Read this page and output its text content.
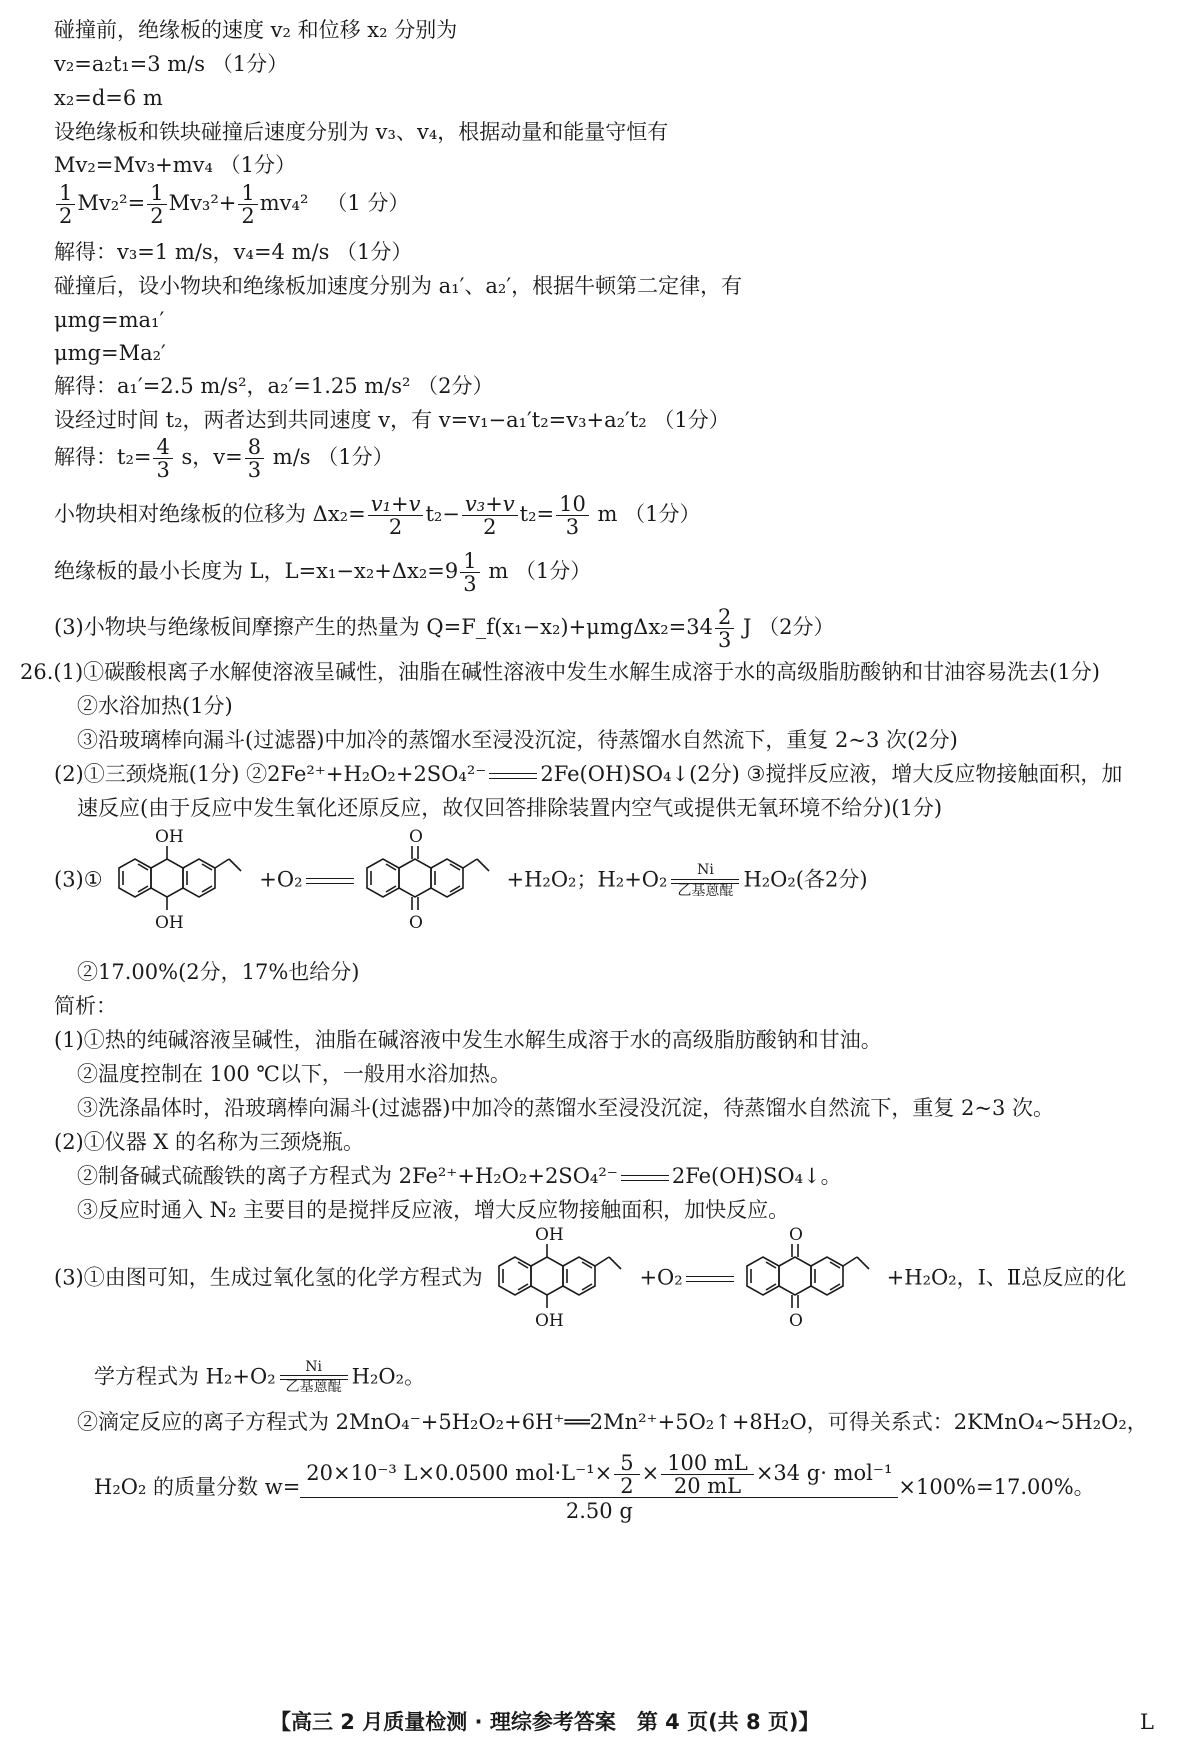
碰撞前，绝缘板的速度 v₂ 和位移 x₂ 分别为
v₂=a₂t₁=3 m/s （1分）
x₂=d=6 m
设绝缘板和铁块碰撞后速度分别为 v₃、v₄，根据动量和能量守恒有
Mv₂=Mv₃+mv₄ （1分）
$\frac{1}{2} Mv_2^2= \frac{1}{2} Mv_3^2+ \frac{1}{2} mv_4^2$ （1 分）
解得：v₃=1 m/s，v₄=4 m/s （1分）
碰撞后，设小物块和绝缘板加速度分别为 a₁′、a₂′，根据牛顿第二定律，有
μmg=ma₁′
μmg=Ma₂′
解得：a₁′=2.5 m/s²，a₂′=1.25 m/s² （2分）
设经过时间 t₂，两者达到共同速度 v，有 v=v₁−a₁′t₂=v₃+a₂′t₂ （1分）
解得：$t_2= \frac{4}{3}$ s，$v= \frac{8}{3} m/s$ （1分）
小物块相对绝缘板的位移为 $\Delta x_2= \frac{\text{v₁+v}}{2} t_2- \frac{\text{v₃+v}}{2} t_2= \frac{10}{3}$ m （1分）
绝缘板的最小长度为 L，$L=x_1-x_2+\Delta x_2=9 \frac{1}{3}$ m （1分）
(3)小物块与绝缘板间摩擦产生的热量为 Q=F_f(x₁−x₂)+μmgΔx₂=34 $\frac{2}{3}$ J （2分）
26.(1)①碳酸根离子水解使溶液呈碱性，油脂在碱性溶液中发生水解生成溶于水的高级脂肪酸钠和甘油容易洗去(1分)
②水浴加热(1分)
③沿玻璃棒向漏斗(过滤器)中加冷的蒸馏水至浸没沉淀，待蒸馏水自然流下，重复 2~3 次(2分)
(2)①三颈烧瓶(1分) ②2Fe²⁺+H₂O₂+2SO₄²⁻	2Fe(OH)SO₄↓(2分) ③搅拌反应液，增大反应物接触面积，加
速反应(由于反应中发生氧化还原反应，故仅回答排除装置内空气或提供无氧环境不给分)(1分)
(3)①
OH
OH
+O₂
O
O
+H₂O₂；H₂+O₂	Ni
乙基蒽醌 H₂O₂(各2分)
②17.00%(2分，17%也给分)
简析：
(1)①热的纯碱溶液呈碱性，油脂在碱溶液中发生水解生成溶于水的高级脂肪酸钠和甘油。
②温度控制在 100 ℃以下，一般用水浴加热。
③洗涤晶体时，沿玻璃棒向漏斗(过滤器)中加冷的蒸馏水至浸没沉淀，待蒸馏水自然流下，重复 2~3 次。
(2)①仪器 X 的名称为三颈烧瓶。
②制备碱式硫酸铁的离子方程式为 2Fe²⁺+H₂O₂+2SO₄²⁻	2Fe(OH)SO₄↓。
③反应时通入 N₂ 主要目的是搅拌反应液，增大反应物接触面积，加快反应。
(3)①由图可知，生成过氧化氢的化学方程式为
OH
OH
+O₂
O
O
+H₂O₂，Ⅰ、Ⅱ总反应的化
学方程式为 H₂+O₂	Ni
乙基蒽醌 H₂O₂。
②滴定反应的离子方程式为 2MnO₄⁻+5H₂O₂+6H⁺══2Mn²⁺+5O₂↑+8H₂O，可得关系式：2KMnO₄~5H₂O₂，
H₂O₂ 的质量分数 w=
20×10⁻³ L×0.0500 $mol\cdot L^{-1}\times \frac{5}{2} \times \frac{100 mL}{20 mL} \times 34$ g· mol⁻¹
2.50 g
×100%=17.00%。
【高三 2 月质量检测 · 理综参考答案　第 4 页(共 8 页)】	L
